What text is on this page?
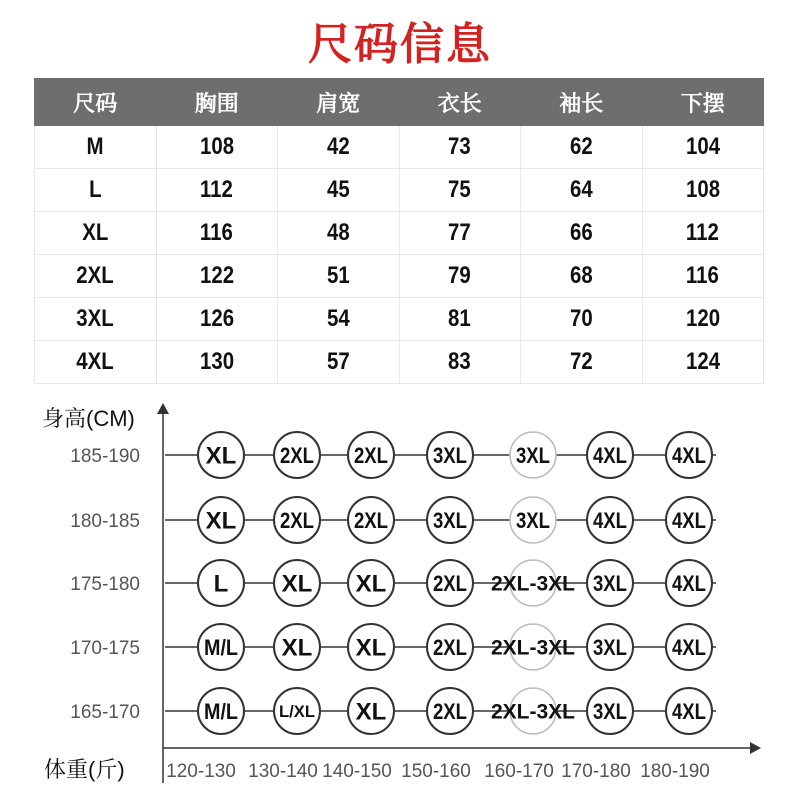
尺码信息
尺码	胸围	肩宽	衣长	袖长	下摆
M	108	42	73	62	104
L	112	45	75	64	108
XL	116	48	77	66	112
2XL	122	51	79	68	116
3XL	126	54	81	70	120
4XL	130	57	83	72	124
身高(CM)
体重(斤)
185-190	XL 2XL 2XL 3XL 3XL 4XL 4XL
180-185	XL 2XL 2XL 3XL 3XL 4XL 4XL
175-180	L XL XL 2XL 2XL-3XL 3XL 4XL
170-175	M/L XL XL 2XL 2XL-3XL 3XL 4XL
165-170	M/L L/XL XL 2XL 2XL-3XL 3XL 4XL
120-130 130-140 140-150 150-160 160-170 170-180 180-190
